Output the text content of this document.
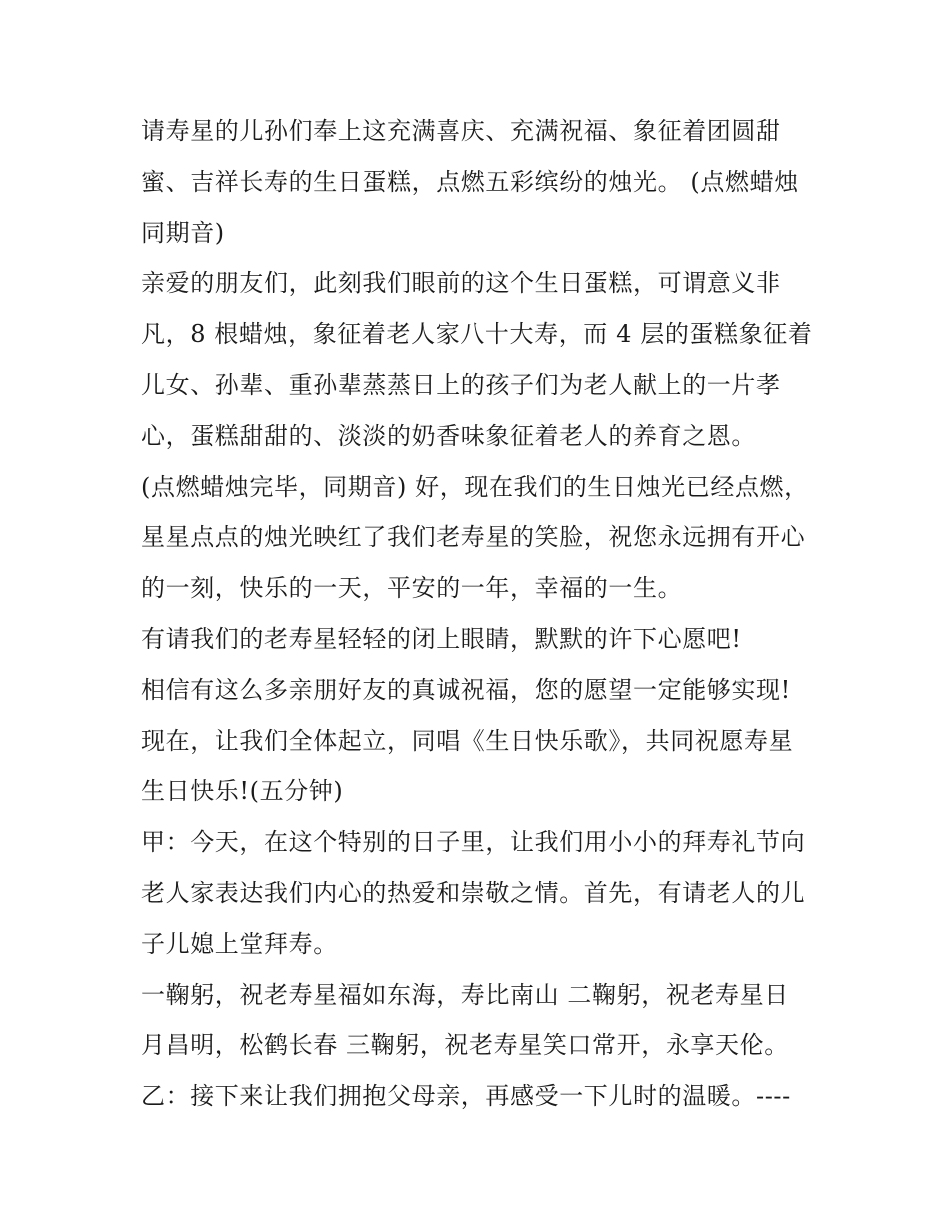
请寿星的儿孙们奉上这充满喜庆、充满祝福、象征着团圆甜
蜜、吉祥长寿的生日蛋糕，点燃五彩缤纷的烛光。 (点燃蜡烛
同期音)
亲爱的朋友们，此刻我们眼前的这个生日蛋糕，可谓意义非
凡，8 根蜡烛，象征着老人家八十大寿，而 4 层的蛋糕象征着
儿女、孙辈、重孙辈蒸蒸日上的孩子们为老人献上的一片孝
心，蛋糕甜甜的、淡淡的奶香味象征着老人的养育之恩。
(点燃蜡烛完毕，同期音) 好，现在我们的生日烛光已经点燃，
星星点点的烛光映红了我们老寿星的笑脸，祝您永远拥有开心
的一刻，快乐的一天，平安的一年，幸福的一生。
有请我们的老寿星轻轻的闭上眼睛，默默的许下心愿吧!
相信有这么多亲朋好友的真诚祝福，您的愿望一定能够实现!
现在，让我们全体起立，同唱《生日快乐歌》，共同祝愿寿星
生日快乐!(五分钟)
甲：今天，在这个特别的日子里，让我们用小小的拜寿礼节向
老人家表达我们内心的热爱和崇敬之情。首先，有请老人的儿
子儿媳上堂拜寿。
一鞠躬，祝老寿星福如东海，寿比南山 二鞠躬，祝老寿星日
月昌明，松鹤长春 三鞠躬，祝老寿星笑口常开，永享天伦。
乙：接下来让我们拥抱父母亲，再感受一下儿时的温暖。----
